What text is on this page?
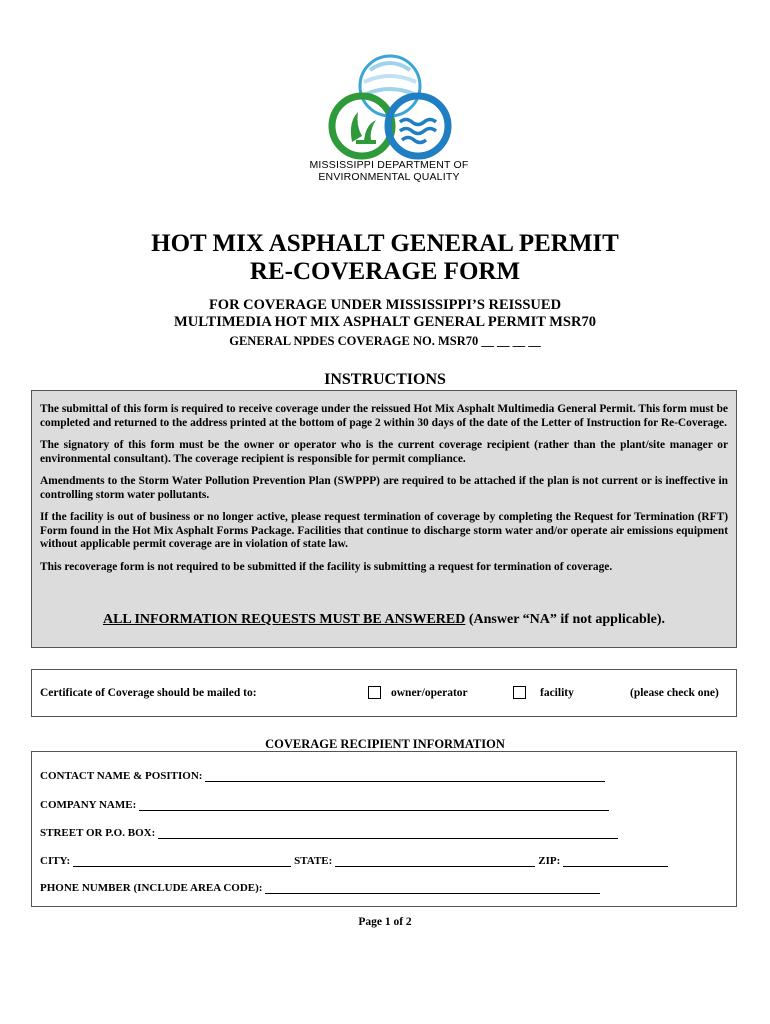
MISSISSIPPI DEPARTMENT OF
ENVIRONMENTAL QUALITY
HOT MIX ASPHALT GENERAL PERMIT
RE-COVERAGE FORM
FOR COVERAGE UNDER MISSISSIPPI’S REISSUED
MULTIMEDIA HOT MIX ASPHALT GENERAL PERMIT MSR70
GENERAL NPDES COVERAGE NO. MSR70 __ __ __ __
INSTRUCTIONS

The submittal of this form is required to receive coverage under the reissued Hot Mix Asphalt Multimedia General Permit. This form must be completed and returned to the address printed at the bottom of page 2 within 30 days of the date of the Letter of Instruction for Re-Coverage.

The signatory of this form must be the owner or operator who is the current coverage recipient (rather than the plant/site manager or environmental consultant). The coverage recipient is responsible for permit compliance.

Amendments to the Storm Water Pollution Prevention Plan (SWPPP) are required to be attached if the plan is not current or is ineffective in controlling storm water pollutants.

If the facility is out of business or no longer active, please request termination of coverage by completing the Request for Termination (RFT) Form found in the Hot Mix Asphalt Forms Package. Facilities that continue to discharge storm water and/or operate air emissions equipment without applicable permit coverage are in violation of state law.

This recoverage form is not required to be submitted if the facility is submitting a request for termination of coverage.

ALL INFORMATION REQUESTS MUST BE ANSWERED (Answer “NA” if not applicable).
Certificate of Coverage should be mailed to:	owner/operator	facility	(please check one)
COVERAGE RECIPIENT INFORMATION
CONTACT NAME & POSITION:
COMPANY NAME:
STREET OR P.O. BOX:
CITY:	STATE:	ZIP:
PHONE NUMBER (INCLUDE AREA CODE):
Page 1 of 2
